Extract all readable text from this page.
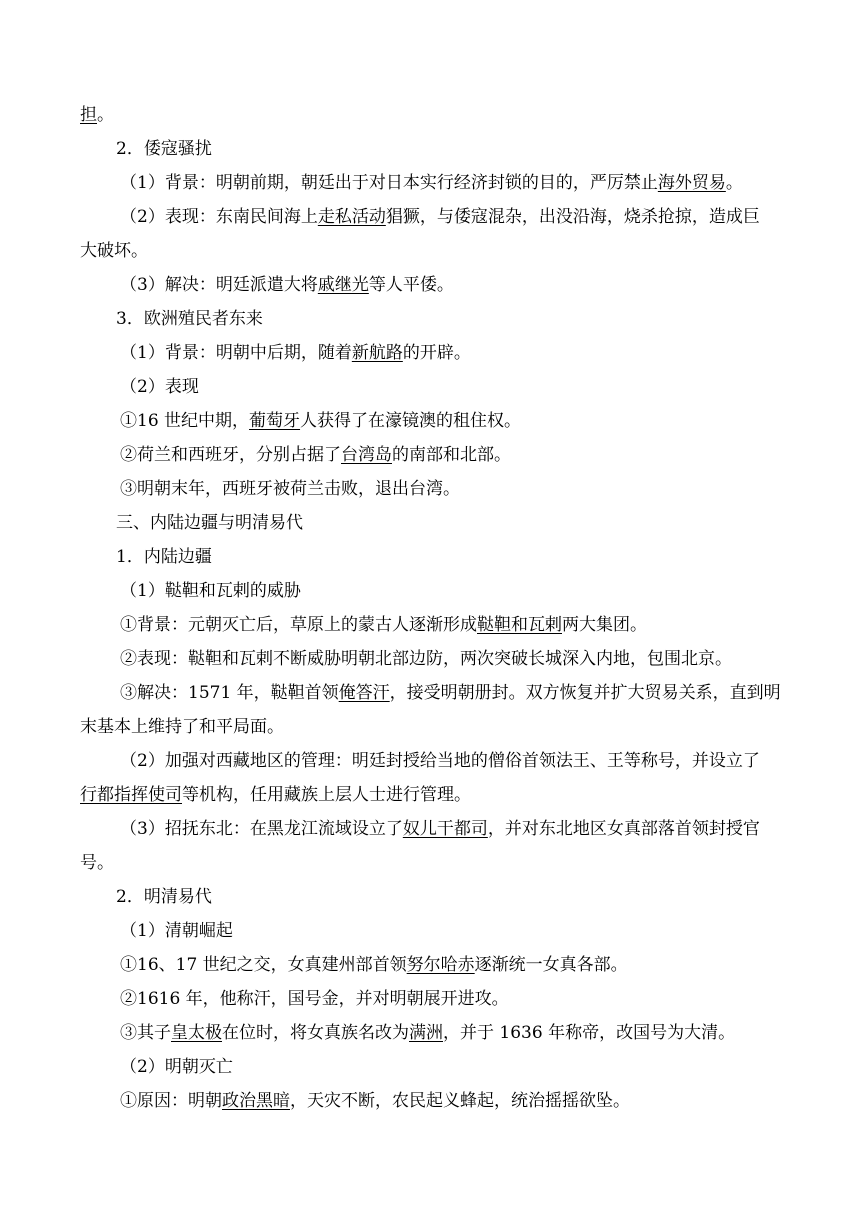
担。
2．倭寇骚扰
（1）背景：明朝前期，朝廷出于对日本实行经济封锁的目的，严厉禁止海外贸易。
（2）表现：东南民间海上走私活动猖獗，与倭寇混杂，出没沿海，烧杀抢掠，造成巨
大破坏。
（3）解决：明廷派遣大将戚继光等人平倭。
3．欧洲殖民者东来
（1）背景：明朝中后期，随着新航路的开辟。
（2）表现
①16 世纪中期，葡萄牙人获得了在濠镜澳的租住权。
②荷兰和西班牙，分别占据了台湾岛的南部和北部。
③明朝末年，西班牙被荷兰击败，退出台湾。
三、内陆边疆与明清易代
1．内陆边疆
（1）鞑靼和瓦剌的威胁
①背景：元朝灭亡后，草原上的蒙古人逐渐形成鞑靼和瓦剌两大集团。
②表现：鞑靼和瓦剌不断威胁明朝北部边防，两次突破长城深入内地，包围北京。
③解决：1571 年，鞑靼首领俺答汗，接受明朝册封。双方恢复并扩大贸易关系，直到明
末基本上维持了和平局面。
（2）加强对西藏地区的管理：明廷封授给当地的僧俗首领法王、王等称号，并设立了
行都指挥使司等机构，任用藏族上层人士进行管理。
（3）招抚东北：在黑龙江流域设立了奴儿干都司，并对东北地区女真部落首领封授官
号。
2．明清易代
（1）清朝崛起
①16、17 世纪之交，女真建州部首领努尔哈赤逐渐统一女真各部。
②1616 年，他称汗，国号金，并对明朝展开进攻。
③其子皇太极在位时，将女真族名改为满洲，并于 1636 年称帝，改国号为大清。
（2）明朝灭亡
①原因：明朝政治黑暗，天灾不断，农民起义蜂起，统治摇摇欲坠。
